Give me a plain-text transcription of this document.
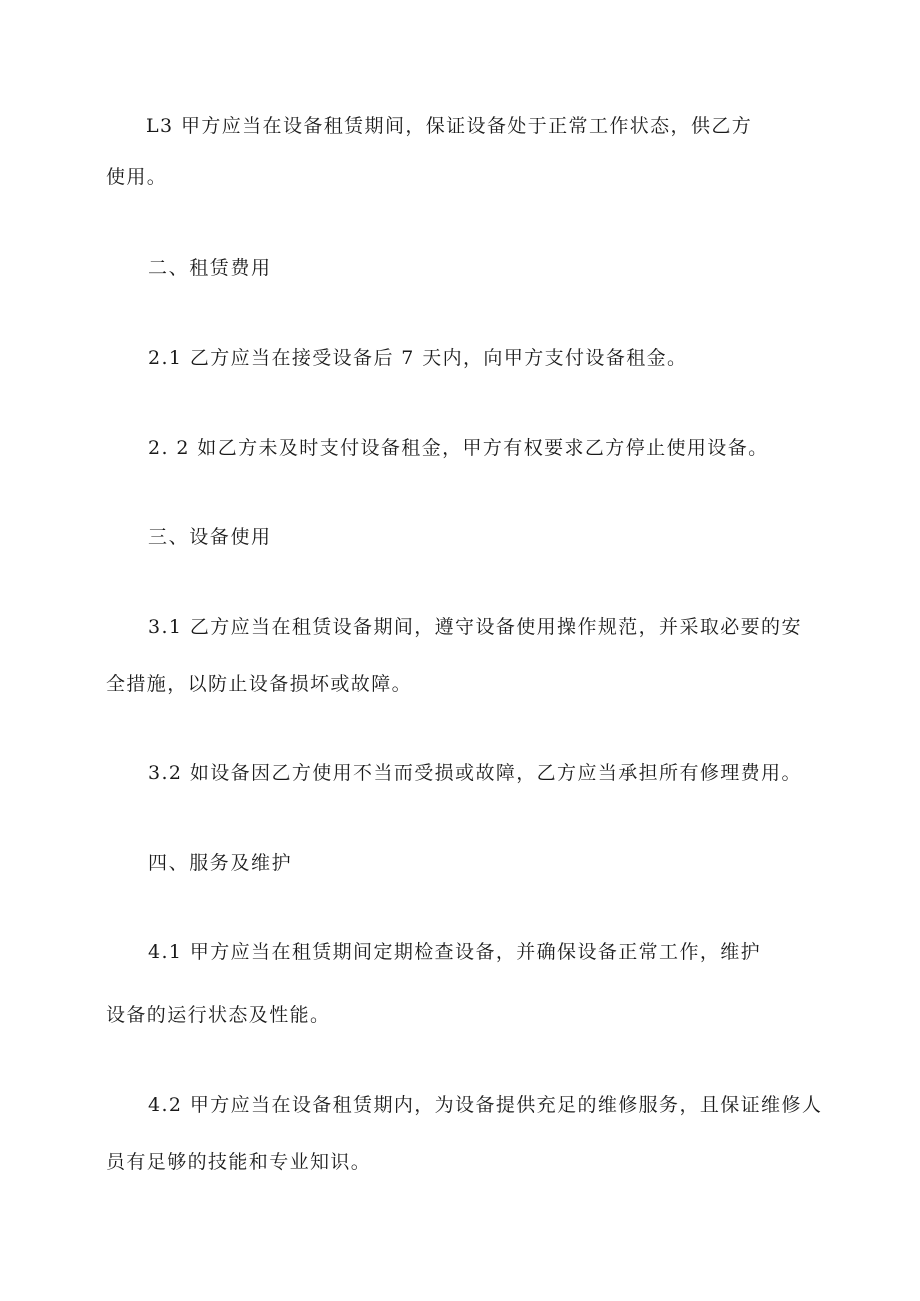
L3 甲方应当在设备租赁期间，保证设备处于正常工作状态，供乙方
使用。
二、租赁费用
2.1 乙方应当在接受设备后 7 天内，向甲方支付设备租金。
2. 2 如乙方未及时支付设备租金，甲方有权要求乙方停止使用设备。
三、设备使用
3.1 乙方应当在租赁设备期间，遵守设备使用操作规范，并采取必要的安
全措施，以防止设备损坏或故障。
3.2 如设备因乙方使用不当而受损或故障，乙方应当承担所有修理费用。
四、服务及维护
4.1 甲方应当在租赁期间定期检查设备，并确保设备正常工作，维护
设备的运行状态及性能。
4.2 甲方应当在设备租赁期内，为设备提供充足的维修服务，且保证维修人
员有足够的技能和专业知识。
